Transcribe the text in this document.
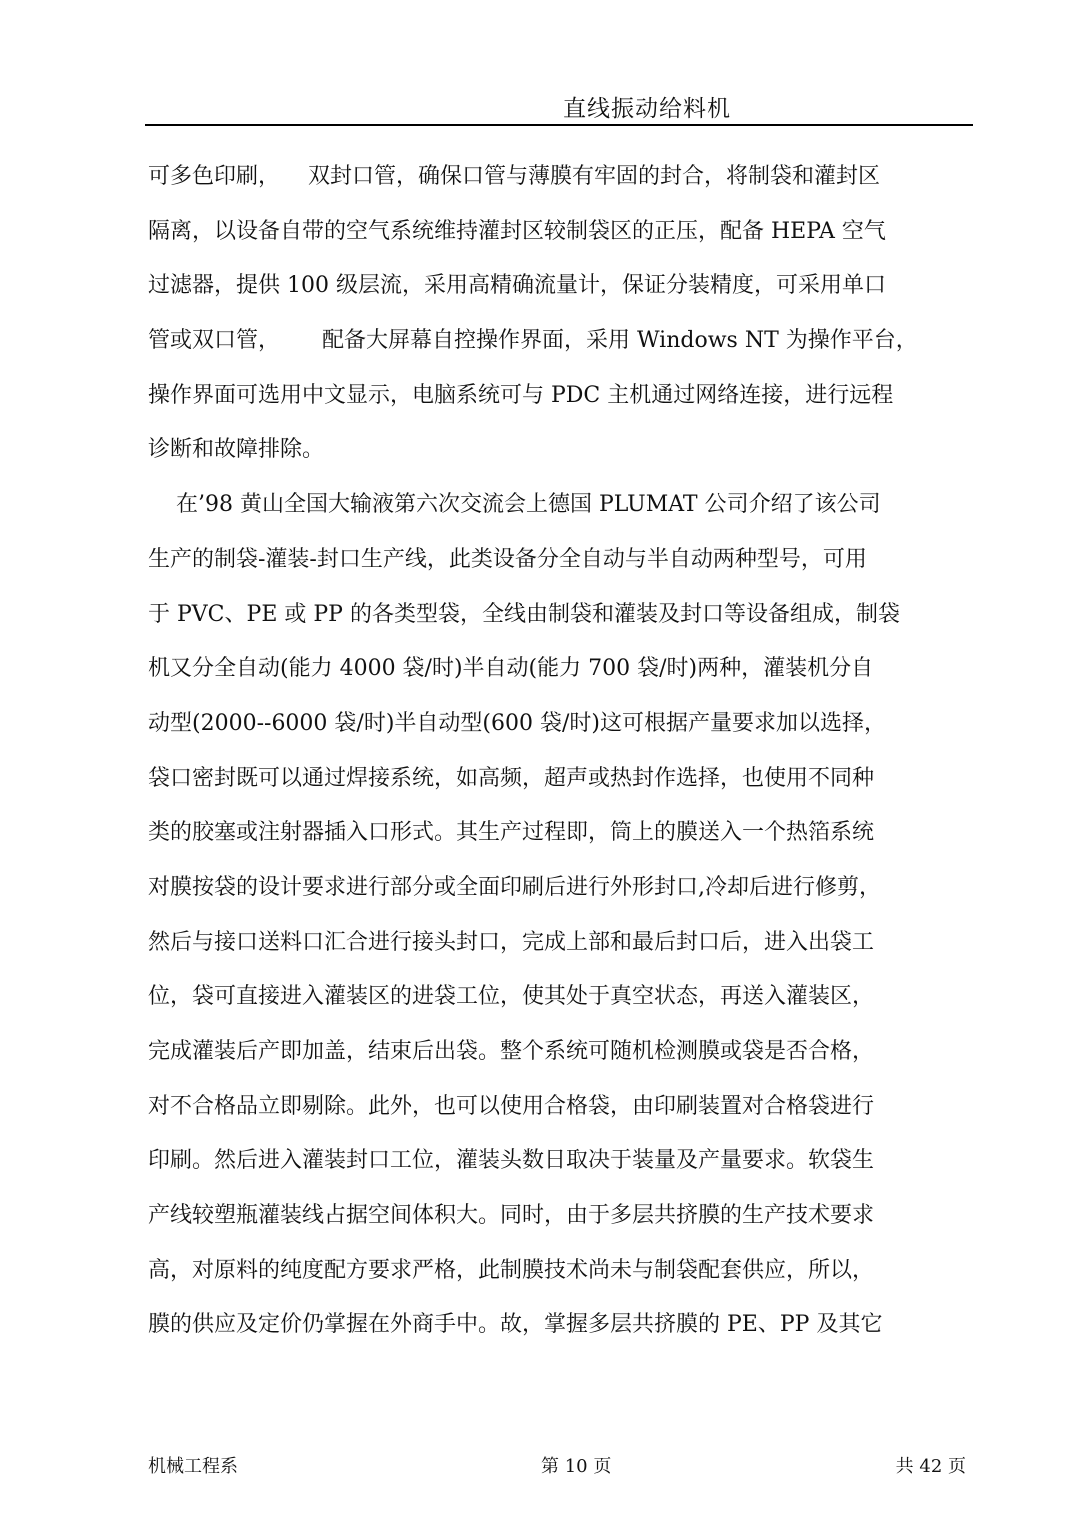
直线振动给料机
可多色印刷，    双封口管，确保口管与薄膜有牢固的封合，将制袋和灌封区
隔离，以设备自带的空气系统维持灌封区较制袋区的正压，配备 HEPA 空气
过滤器，提供 100 级层流，采用高精确流量计，保证分装精度，可采用单口
管或双口管，      配备大屏幕自控操作界面，采用 Windows NT 为操作平台，
操作界面可选用中文显示，电脑系统可与 PDC 主机通过网络连接，进行远程
诊断和故障排除。
在’98 黄山全国大输液第六次交流会上德国 PLUMAT 公司介绍了该公司
生产的制袋-灌装-封口生产线，此类设备分全自动与半自动两种型号，可用
于 PVC、PE 或 PP 的各类型袋，全线由制袋和灌装及封口等设备组成，制袋
机又分全自动(能力 4000 袋/时)半自动(能力 700 袋/时)两种，灌装机分自
动型(2000--6000 袋/时)半自动型(600 袋/时)这可根据产量要求加以选择，
袋口密封既可以通过焊接系统，如高频，超声或热封作选择，也使用不同种
类的胶塞或注射器插入口形式。其生产过程即，筒上的膜送入一个热箔系统
对膜按袋的设计要求进行部分或全面印刷后进行外形封口,冷却后进行修剪，
然后与接口送料口汇合进行接头封口，完成上部和最后封口后，进入出袋工
位，袋可直接进入灌装区的进袋工位，使其处于真空状态，再送入灌装区，
完成灌装后产即加盖，结束后出袋。整个系统可随机检测膜或袋是否合格，
对不合格品立即剔除。此外，也可以使用合格袋，由印刷装置对合格袋进行
印刷。然后进入灌装封口工位，灌装头数日取决于装量及产量要求。软袋生
产线较塑瓶灌装线占据空间体积大。同时，由于多层共挤膜的生产技术要求
高，对原料的纯度配方要求严格，此制膜技术尚未与制袋配套供应，所以，
膜的供应及定价仍掌握在外商手中。故，掌握多层共挤膜的 PE、PP 及其它
机械工程系	第 10 页	共 42 页
